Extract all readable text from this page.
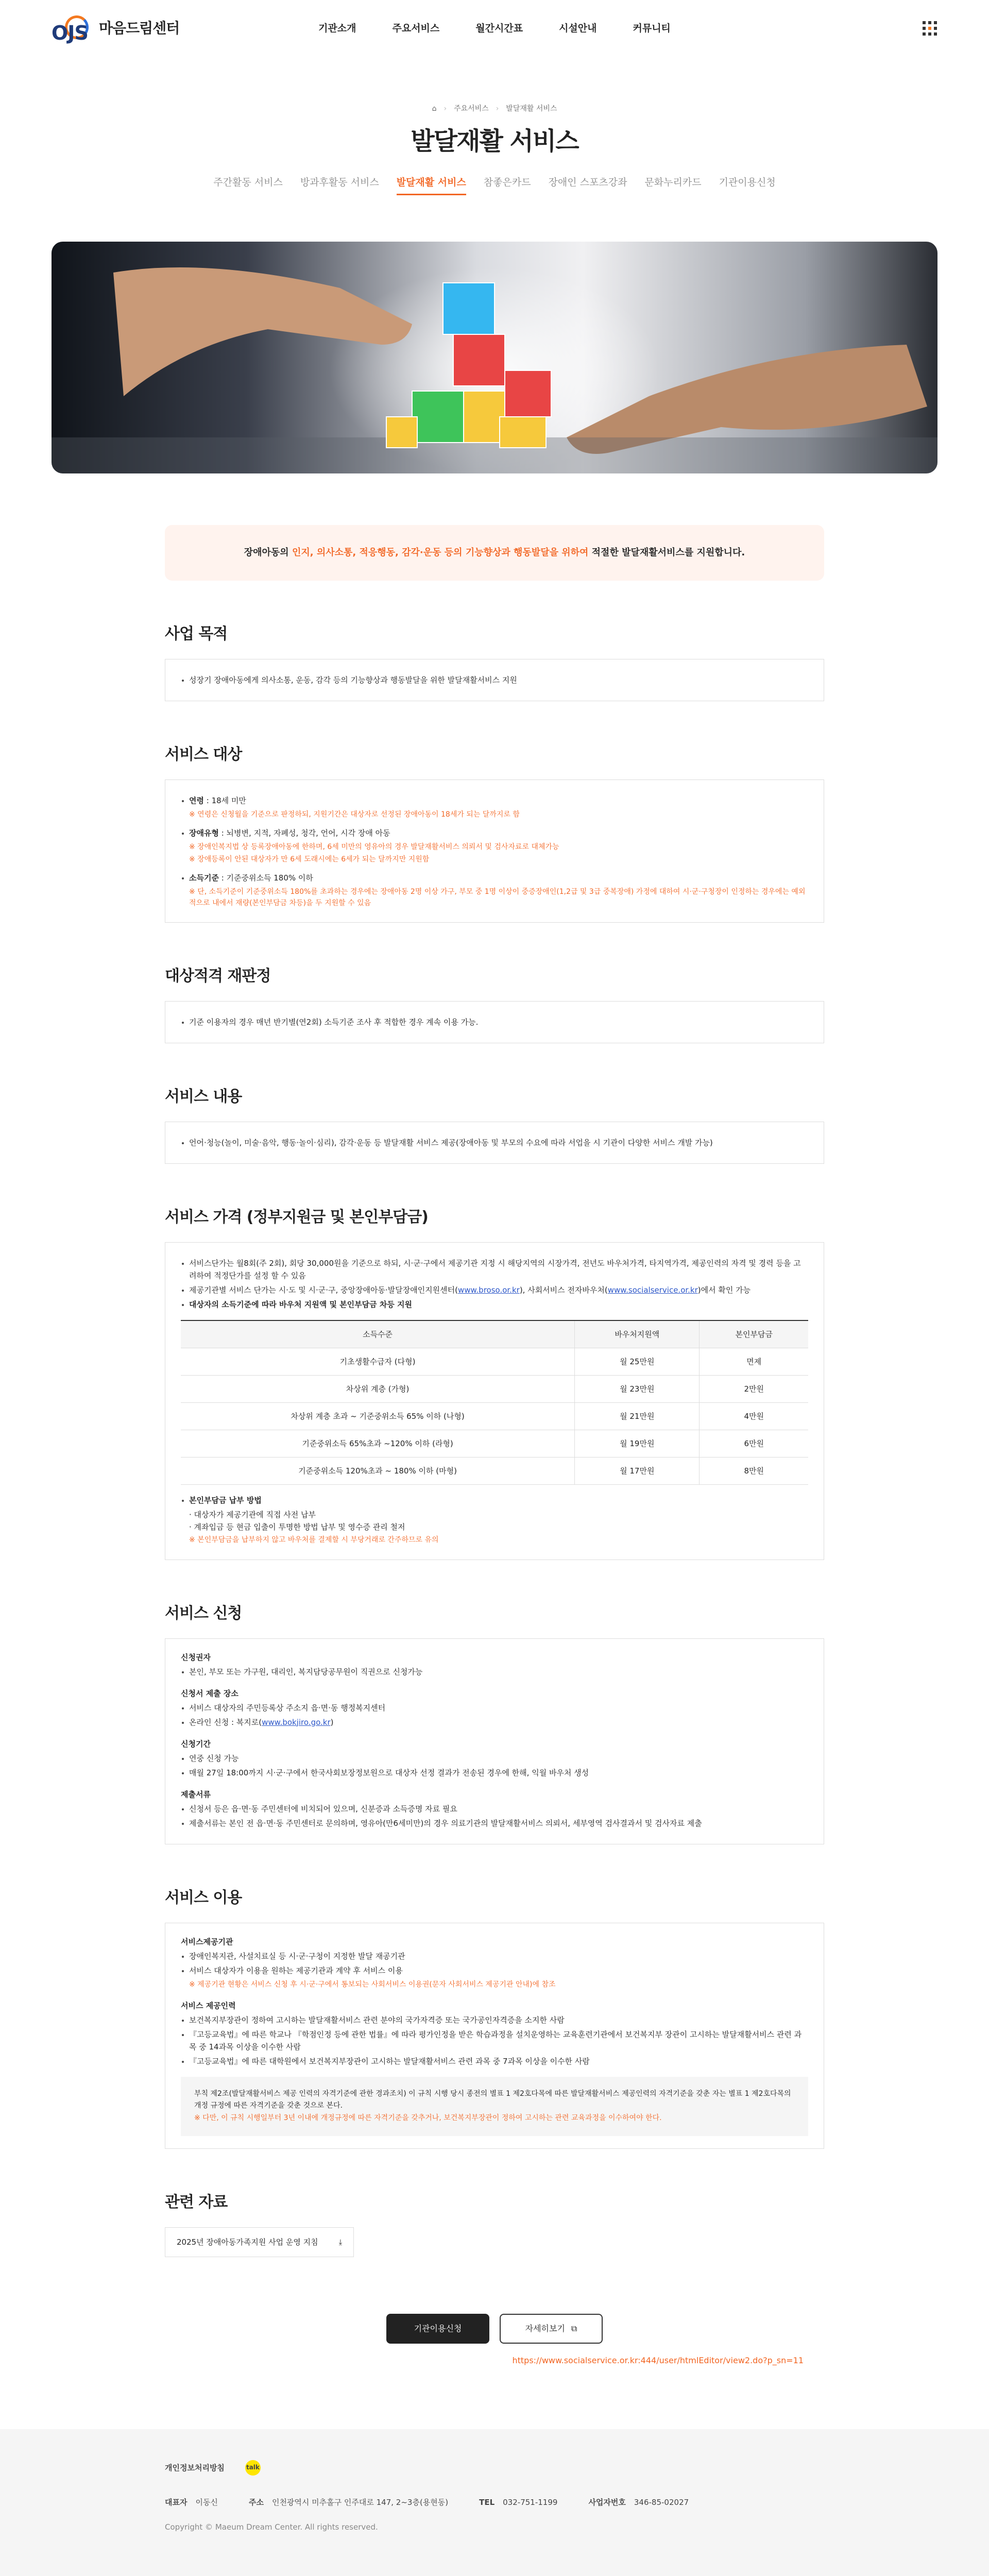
OJS 마음드림센터	기관소개	주요서비스	월간시간표	시설안내	커뮤니티
⌂ › 주요서비스 › 발달재활 서비스
발달재활 서비스
주간활동 서비스 방과후활동 서비스 발달재활 서비스 참좋은카드 장애인 스포츠강좌 문화누리카드 기관이용신청
장애아동의 인지, 의사소통, 적응행동, 감각·운동 등의 기능향상과 행동발달을 위하여 적절한 발달재활서비스를 지원합니다.
사업 목적
성장기 장애아동에게 의사소통, 운동, 감각 등의 기능향상과 행동발달을 위한 발달재활서비스 지원
서비스 대상
연령 : 18세 미만

※ 연령은 신청월을 기준으로 판정하되, 지원기간은 대상자로 선정된 장애아동이 18세가 되는 달까지로 함

장애유형 : 뇌병변, 지적, 자폐성, 청각, 언어, 시각 장애 아동

※ 장애인복지법 상 등록장애아동에 한하며, 6세 미만의 영유아의 경우 발달재활서비스 의뢰서 및 검사자료로 대체가능

※ 장애등록이 안된 대상자가 만 6세 도래시에는 6세가 되는 달까지만 지원함

소득기준 : 기준중위소득 180% 이하

※ 단, 소득기준이 기준중위소득 180%를 초과하는 경우에는 장애아동 2명 이상 가구, 부모 중 1명 이상이 중증장애인(1,2급 및 3급 중복장애) 가정에 대하여 시·군·구청장이 인정하는 경우에는 예외적으로 내에서 재량(본인부담금 차등)을 두 지원할 수 있음

대상적격 재판정
기준 이용자의 경우 매년 반기별(연2회) 소득기준 조사 후 적합한 경우 계속 이용 가능.
서비스 내용
언어·청능(놀이, 미술·음악, 행동·놀이·심리), 감각·운동 등 발달재활 서비스 제공(장애아동 및 부모의 수요에 따라 서업을 시 기관이 다양한 서비스 개발 가능)
서비스 가격 (정부지원금 및 본인부담금)
서비스단가는 월8회(주 2회), 회당 30,000원을 기준으로 하되, 시·군·구에서 제공기관 지정 시 해당지역의 시장가격, 전년도 바우처가격, 타지역가격, 제공인력의 자격 및 경력 등을 고려하여 적정단가를 설정 할 수 있음
제공기관별 서비스 단가는 시·도 및 시·군·구, 중앙장애아동·발달장애인지원센터(www.broso.or.kr), 사회서비스 전자바우처(www.socialservice.or.kr)에서 확인 가능
대상자의 소득기준에 따라 바우처 지원액 및 본인부담금 차등 지원
소득수준	바우처지원액	본인부담금
기초생활수급자 (다형)	월 25만원	면제
차상위 계층 (가형)	월 23만원	2만원
차상위 계층 초과 ~ 기준중위소득 65% 이하 (나형)	월 21만원	4만원
기준중위소득 65%초과 ~120% 이하 (라형)	월 19만원	6만원
기준중위소득 120%초과 ~ 180% 이하 (마형)	월 17만원	8만원
본인부담금 납부 방법

· 대상자가 제공기관에 직접 사전 납부

· 계좌입금 등 현금 입출이 투명한 방법 납부 및 영수증 관리 철저

※ 본인부담금을 납부하지 않고 바우처를 결제할 시 부당거래로 간주하므로 유의

서비스 신청

신청권자

본인, 부모 또는 가구원, 대리인, 복지담당공무원이 직권으로 신청가능

신청서 제출 장소

서비스 대상자의 주민등록상 주소지 읍·면·동 행정복지센터
온라인 신청 : 복지로(www.bokjiro.go.kr)

신청기간

연중 신청 가능
매월 27일 18:00까지 시·군·구에서 한국사회보장정보원으로 대상자 선정 결과가 전송된 경우에 한해, 익월 바우처 생성

제출서류

신청서 등은 읍·면·동 주민센터에 비치되어 있으며, 신분증과 소득증명 자료 필요
제출서류는 본인 전 읍·면·동 주민센터로 문의하며, 영유아(만6세미만)의 경우 의료기관의 발달재활서비스 의뢰서, 세부영역 검사결과서 및 검사자료 제출
서비스 이용

서비스제공기관

장애인복지관, 사설치료실 등 시·군·구청이 지정한 발달 재공기관
서비스 대상자가 이용을 원하는 제공기관과 계약 후 서비스 이용

※ 제공기관 현황은 서비스 신청 후 시·군·구에서 통보되는 사회서비스 이용권(문자 사회서비스 제공기관 안내)에 참조

서비스 제공인력

보건복지부장관이 정하여 고시하는 발달재활서비스 관련 분야의 국가자격증 또는 국가공인자격증을 소지한 사람
『고등교육법』에 따른 학교나 『학점인정 등에 관한 법률』에 따라 평가인정을 받은 학습과정을 설치운영하는 교육훈련기관에서 보건복지부 장관이 고시하는 발달재활서비스 관련 과목 중 14과목 이상을 이수한 사람
『고등교육법』에 따른 대학원에서 보건복지부장관이 고시하는 발달재활서비스 관련 과목 중 7과목 이상을 이수한 사람

부칙 제2조(발달재활서비스 제공 인력의 자격기준에 관한 경과조치) 이 규칙 시행 당시 종전의 별표 1 제2호다목에 따른 발달재활서비스 제공인력의 자격기준을 갖춘 자는 별표 1 제2호다목의 개정 규정에 따른 자격기준을 갖춘 것으로 본다.

※ 다만, 이 규칙 시행일부터 3년 이내에 개정규정에 따른 자격기준을 갖추거나, 보건복지부장관이 정하여 고시하는 관련 교육과정을 이수하여야 한다.

관련 자료
2025년 장애아동가족지원 사업 운영 지침	⤓
기관이용신청	자세히보기 ⧉

https://www.socialservice.or.kr:444/user/htmlEditor/view2.do?p_sn=11

개인정보처리방침	talk
대표자 이동신	주소 인천광역시 미추홀구 인주대로 147, 2~3층(용현동)	TEL 032-751-1199	사업자번호 346-85-02027

Copyright © Maeum Dream Center. All rights reserved.
